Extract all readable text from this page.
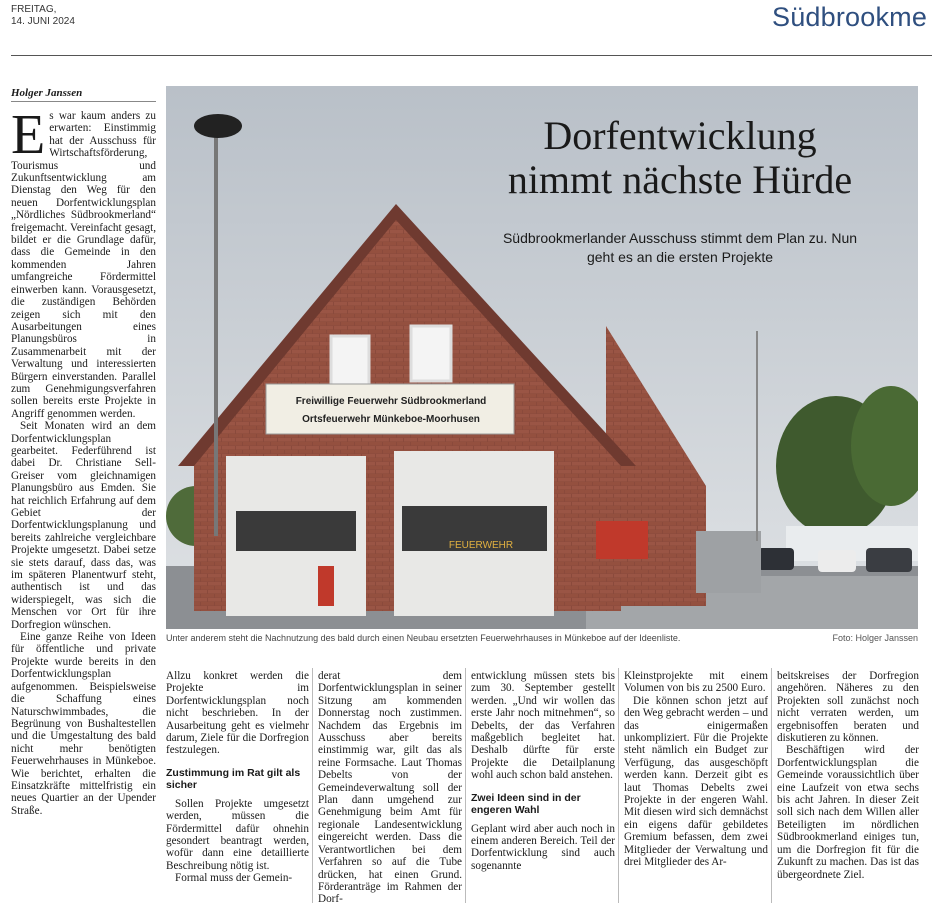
FREITAG,
14. JUNI 2024	Südbrookme
Holger Janssen

Es war kaum anders zu erwarten: Einstimmig hat der Ausschuss für Wirtschaftsförderung, Tourismus und Zukunftsentwicklung am Dienstag den Weg für den neuen Dorfentwicklungsplan „Nördliches Südbrookmerland“ freigemacht. Vereinfacht gesagt, bildet er die Grundlage dafür, dass die Gemeinde in den kommenden Jahren umfangreiche Fördermittel einwerben kann. Vorausgesetzt, die zuständigen Behörden zeigen sich mit den Ausarbeitungen eines Planungsbüros in Zusammenarbeit mit der Verwaltung und interessierten Bürgern einverstanden. Parallel zum Genehmigungsverfahren sollen bereits erste Projekte in Angriff genommen werden.

Seit Monaten wird an dem Dorfentwicklungsplan gearbeitet. Federführend ist dabei Dr. Christiane Sell-Greiser vom gleichnamigen Planungsbüro aus Emden. Sie hat reichlich Erfahrung auf dem Gebiet der Dorfentwicklungsplanung und bereits zahlreiche vergleichbare Projekte umgesetzt. Dabei setze sie stets darauf, dass das, was im späteren Planentwurf steht, authentisch ist und das widerspiegelt, was sich die Menschen vor Ort für ihre Dorfregion wünschen.

Eine ganze Reihe von Ideen für öffentliche und private Projekte wurde bereits in den Dorfentwicklungsplan aufgenommen. Beispielsweise die Schaffung eines Naturschwimmbades, die Begrünung von Bushaltestellen und die Umgestaltung des bald nicht mehr benötigten Feuerwehrhauses in Münkeboe. Wie berichtet, erhalten die Einsatzkräfte mittelfristig ein neues Quartier an der Upender Straße.

Freiwillige Feuerwehr Südbrookmerland
Ortsfeuerwehr Münkeboe-Moorhusen
FEUERWEHR
Dorfentwicklung
nimmt nächste Hürde
Südbrookmerlander Ausschuss stimmt dem Plan zu. Nun geht es an die ersten Projekte
Unter anderem steht die Nachnutzung des bald durch einen Neubau ersetzten Feuerwehrhauses in Münkeboe auf der Ideenliste.	Foto: Holger Janssen

Allzu konkret werden die Projekte im Dorfentwicklungsplan noch nicht beschrieben. In der Ausarbeitung geht es vielmehr darum, Ziele für die Dorfregion festzulegen.

Zustimmung im Rat gilt als sicher

Sollen Projekte umgesetzt werden, müssen die Fördermittel dafür ohnehin gesondert beantragt werden, wofür dann eine detaillierte Beschreibung nötig ist.

Formal muss der Gemein-

derat dem Dorfentwicklungsplan in seiner Sitzung am kommenden Donnerstag noch zustimmen. Nachdem das Ergebnis im Ausschuss aber bereits einstimmig war, gilt das als reine Formsache. Laut Thomas Debelts von der Gemeindeverwaltung soll der Plan dann umgehend zur Genehmigung beim Amt für regionale Landesentwicklung eingereicht werden. Dass die Verantwortlichen bei dem Verfahren so auf die Tube drücken, hat einen Grund. Förderanträge im Rahmen der Dorf-

entwicklung müssen stets bis zum 30. September gestellt werden. „Und wir wollen das erste Jahr noch mitnehmen“, so Debelts, der das Verfahren maßgeblich begleitet hat. Deshalb dürfte für erste Projekte die Detailplanung wohl auch schon bald anstehen.

Zwei Ideen sind in der engeren Wahl

Geplant wird aber auch noch in einem anderen Bereich. Teil der Dorfentwicklung sind auch sogenannte

Kleinstprojekte mit einem Volumen von bis zu 2500 Euro.

Die können schon jetzt auf den Weg gebracht werden – und das einigermaßen unkompliziert. Für die Projekte steht nämlich ein Budget zur Verfügung, das ausgeschöpft werden kann. Derzeit gibt es laut Thomas Debelts zwei Projekte in der engeren Wahl. Mit diesen wird sich demnächst ein eigens dafür gebildetes Gremium befassen, dem zwei Mitglieder der Verwaltung und drei Mitglieder des Ar-

beitskreises der Dorfregion angehören. Näheres zu den Projekten soll zunächst noch nicht verraten werden, um ergebnisoffen beraten und diskutieren zu können.

Beschäftigen wird der Dorfentwicklungsplan die Gemeinde voraussichtlich über eine Laufzeit von etwa sechs bis acht Jahren. In dieser Zeit soll sich nach dem Willen aller Beteiligten im nördlichen Südbrookmerland einiges tun, um die Dorfregion fit für die Zukunft zu machen. Das ist das übergeordnete Ziel.
